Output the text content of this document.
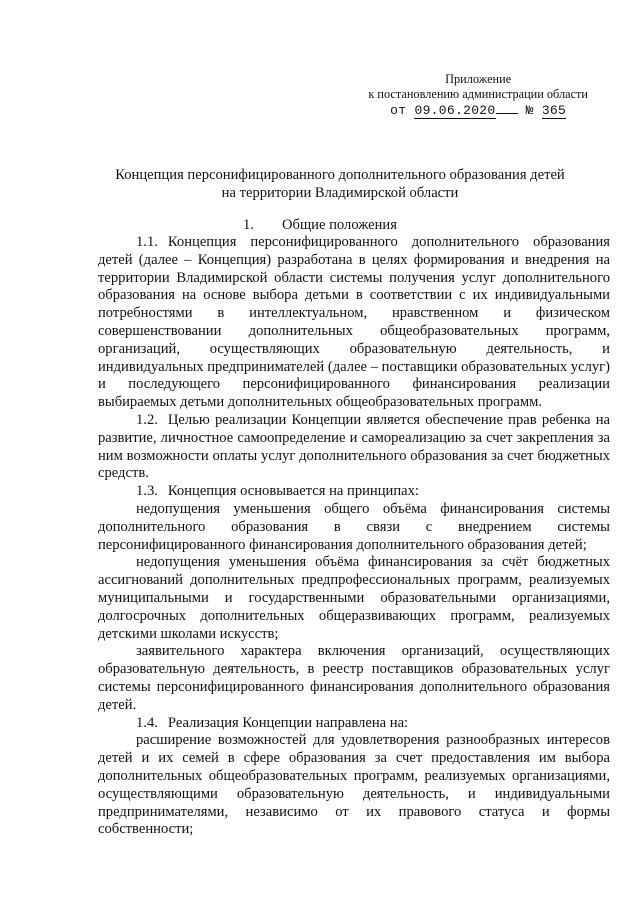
Приложение
к постановлению администрации области
от 09.06.2020 № 365
Концепция персонифицированного дополнительного образования детей
на территории Владимирской области
1. Общие положения

1.1. Концепция персонифицированного дополнительного образования детей (далее – Концепция) разработана в целях формирования и внедрения на территории Владимирской области системы получения услуг дополнительного образования на основе выбора детьми в соответствии с их индивидуальными потребностями в интеллектуальном, нравственном и физическом совершенствовании дополнительных общеобразовательных программ, организаций, осуществляющих образовательную деятельность, и индивидуальных предпринимателей (далее – поставщики образовательных услуг) и последующего персонифицированного финансирования реализации выбираемых детьми дополнительных общеобразовательных программ.

1.2. Целью реализации Концепции является обеспечение прав ребенка на развитие, личностное самоопределение и самореализацию за счет закрепления за ним возможности оплаты услуг дополнительного образования за счет бюджетных средств.

1.3. Концепция основывается на принципах:

недопущения уменьшения общего объёма финансирования системы дополнительного образования в связи с внедрением системы персонифицированного финансирования дополнительного образования детей;

недопущения уменьшения объёма финансирования за счёт бюджетных ассигнований дополнительных предпрофессиональных программ, реализуемых муниципальными и государственными образовательными организациями, долгосрочных дополнительных общеразвивающих программ, реализуемых детскими школами искусств;

заявительного характера включения организаций, осуществляющих образовательную деятельность, в реестр поставщиков образовательных услуг системы персонифицированного финансирования дополнительного образования детей.

1.4. Реализация Концепции направлена на:

расширение возможностей для удовлетворения разнообразных интересов детей и их семей в сфере образования за счет предоставления им выбора дополнительных общеобразовательных программ, реализуемых организациями, осуществляющими образовательную деятельность, и индивидуальными предпринимателями, независимо от их правового статуса и формы собственности;
